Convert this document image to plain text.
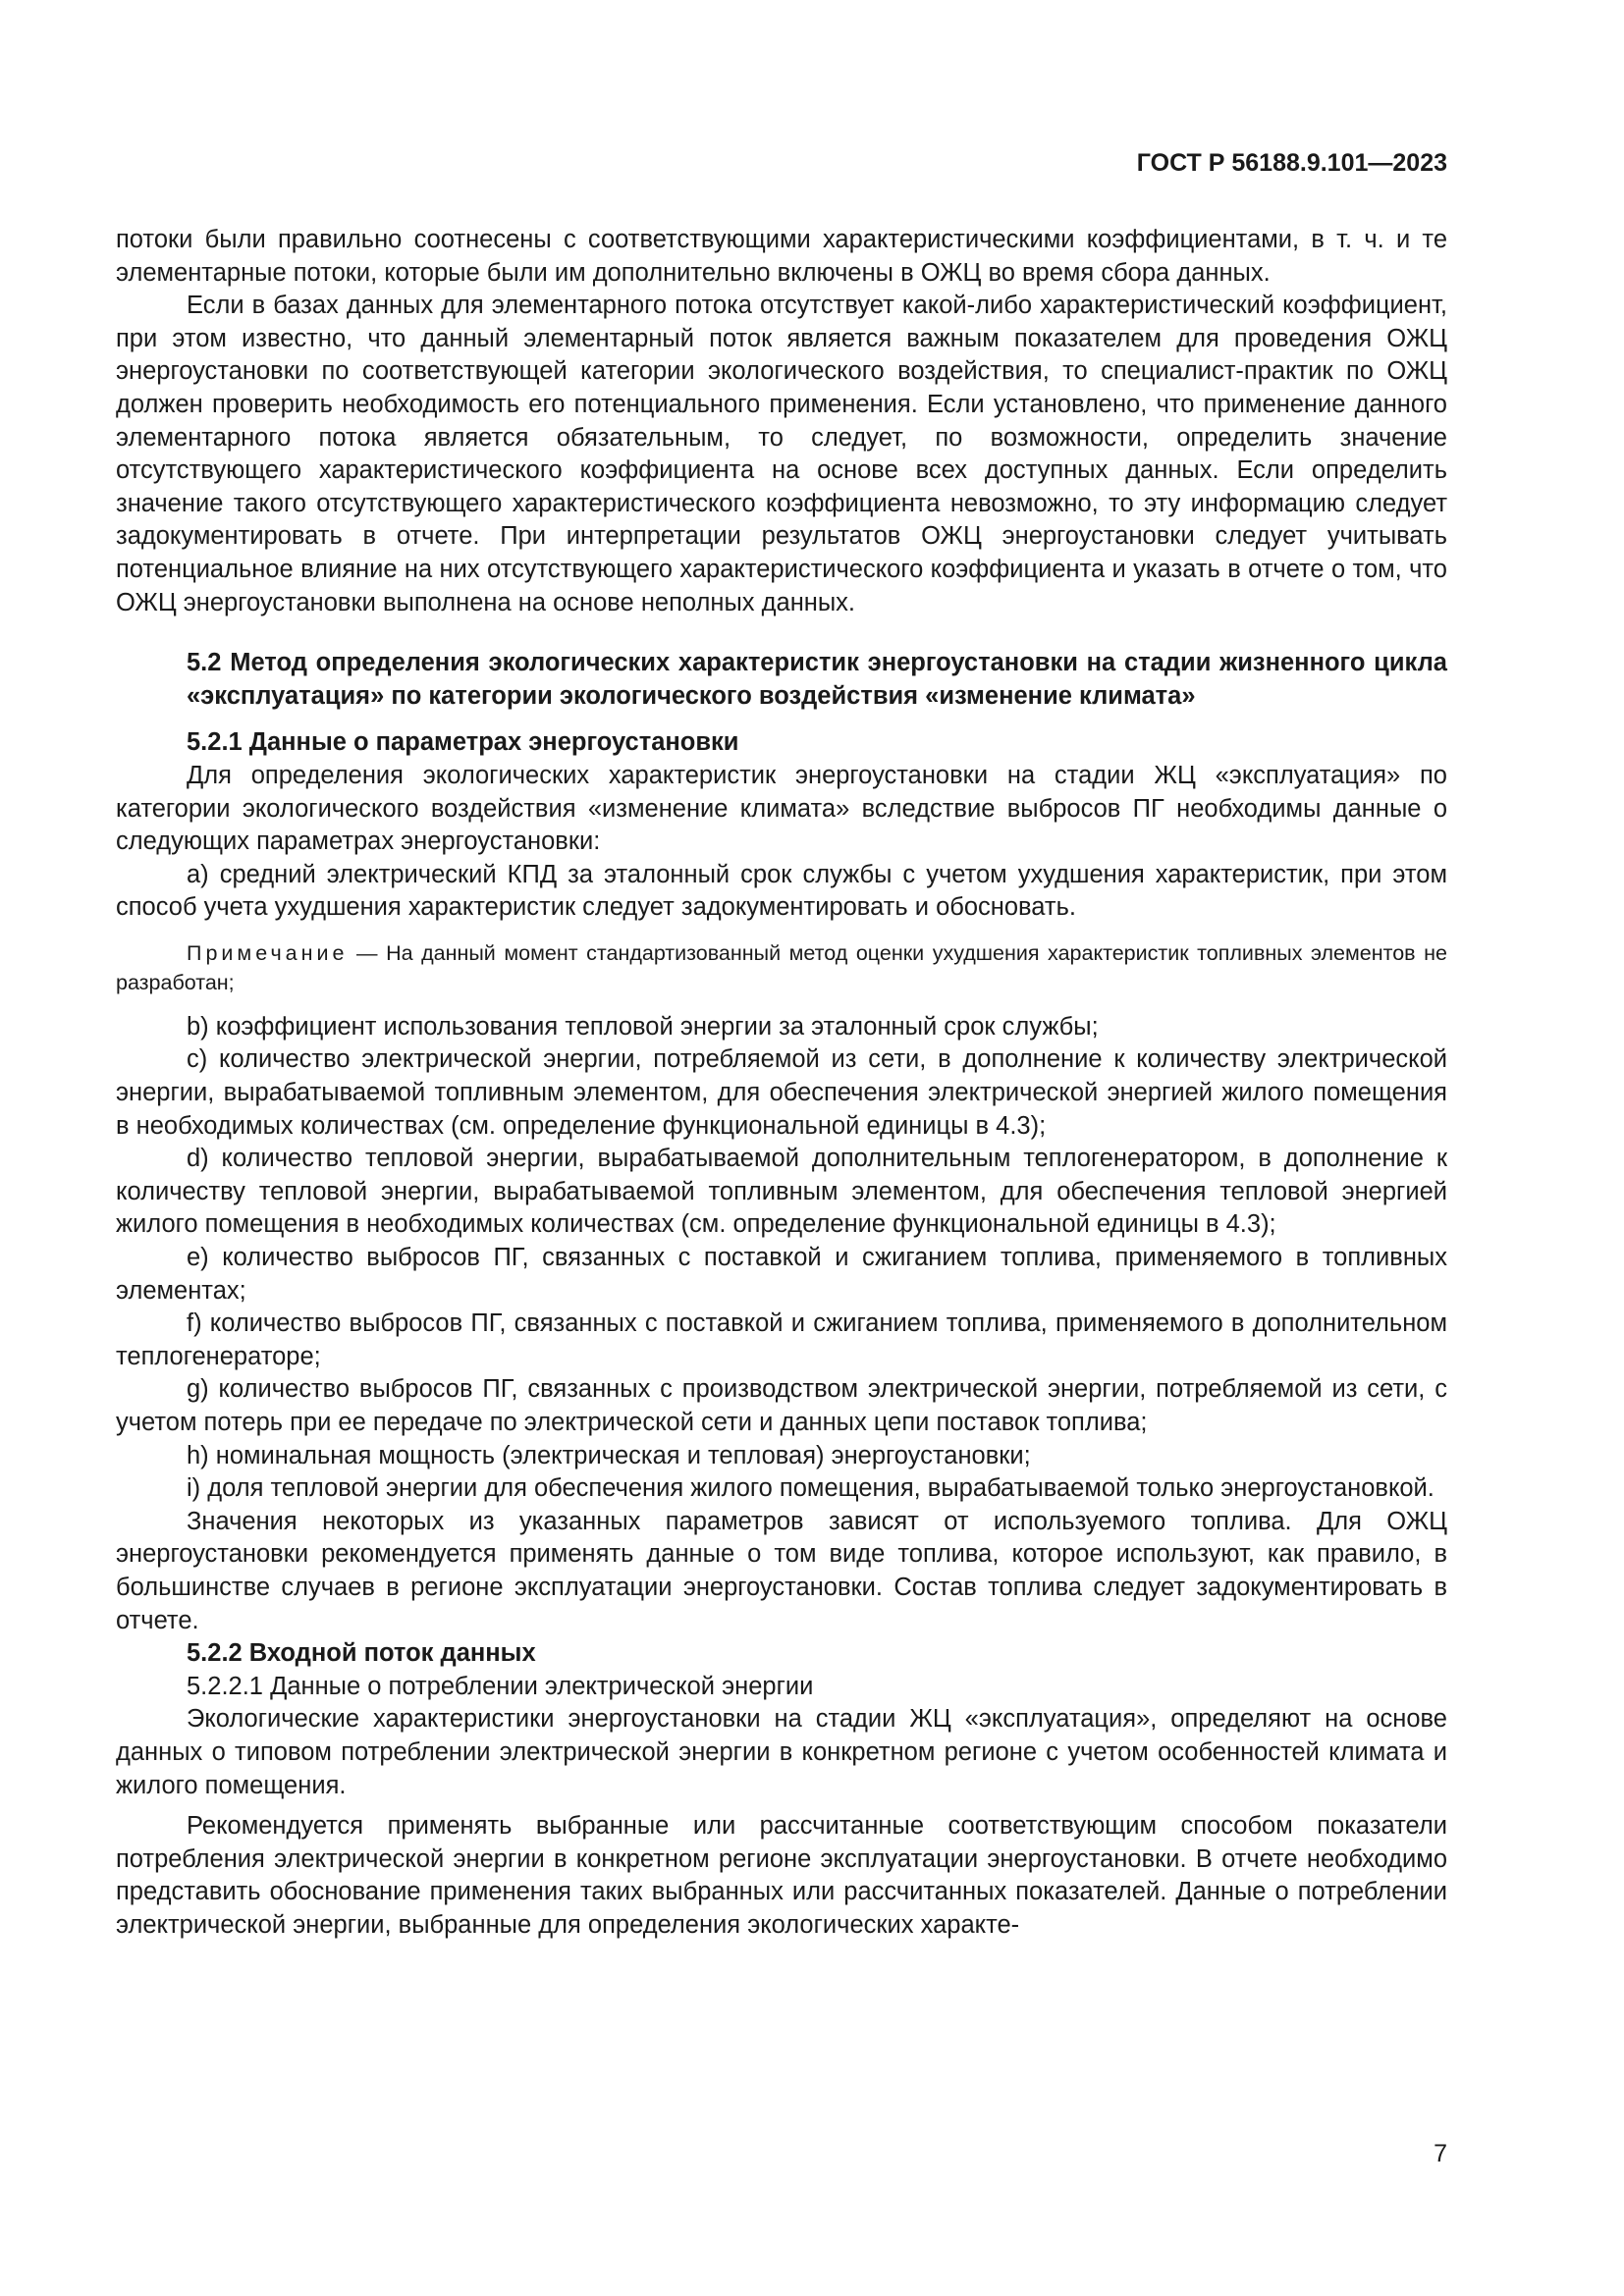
ГОСТ Р 56188.9.101—2023

потоки были правильно соотнесены с соответствующими характеристическими коэффициентами, в т. ч. и те элементарные потоки, которые были им дополнительно включены в ОЖЦ во время сбора данных.

Если в базах данных для элементарного потока отсутствует какой-либо характеристический коэффициент, при этом известно, что данный элементарный поток является важным показателем для проведения ОЖЦ энергоустановки по соответствующей категории экологического воздействия, то специалист-практик по ОЖЦ должен проверить необходимость его потенциального применения. Если установлено, что применение данного элементарного потока является обязательным, то следует, по возможности, определить значение отсутствующего характеристического коэффициента на основе всех доступных данных. Если определить значение такого отсутствующего характеристического коэффициента невозможно, то эту информацию следует задокументировать в отчете. При интерпретации результатов ОЖЦ энергоустановки следует учитывать потенциальное влияние на них отсутствующего характеристического коэффициента и указать в отчете о том, что ОЖЦ энергоустановки выполнена на основе неполных данных.

5.2 Метод определения экологических характеристик энергоустановки на стадии жизненного цикла «эксплуатация» по категории экологического воздействия «изменение климата»

5.2.1 Данные о параметрах энергоустановки

Для определения экологических характеристик энергоустановки на стадии ЖЦ «эксплуатация» по категории экологического воздействия «изменение климата» вследствие выбросов ПГ необходимы данные о следующих параметрах энергоустановки:

a) средний электрический КПД за эталонный срок службы с учетом ухудшения характеристик, при этом способ учета ухудшения характеристик следует задокументировать и обосновать.

Примечание — На данный момент стандартизованный метод оценки ухудшения характеристик топливных элементов не разработан;

b) коэффициент использования тепловой энергии за эталонный срок службы;

c) количество электрической энергии, потребляемой из сети, в дополнение к количеству электрической энергии, вырабатываемой топливным элементом, для обеспечения электрической энергией жилого помещения в необходимых количествах (см. определение функциональной единицы в 4.3);

d) количество тепловой энергии, вырабатываемой дополнительным теплогенератором, в дополнение к количеству тепловой энергии, вырабатываемой топливным элементом, для обеспечения тепловой энергией жилого помещения в необходимых количествах (см. определение функциональной единицы в 4.3);

e) количество выбросов ПГ, связанных с поставкой и сжиганием топлива, применяемого в топливных элементах;

f) количество выбросов ПГ, связанных с поставкой и сжиганием топлива, применяемого в дополнительном теплогенераторе;

g) количество выбросов ПГ, связанных с производством электрической энергии, потребляемой из сети, с учетом потерь при ее передаче по электрической сети и данных цепи поставок топлива;

h) номинальная мощность (электрическая и тепловая) энергоустановки;

i) доля тепловой энергии для обеспечения жилого помещения, вырабатываемой только энергоустановкой.

Значения некоторых из указанных параметров зависят от используемого топлива. Для ОЖЦ энергоустановки рекомендуется применять данные о том виде топлива, которое используют, как правило, в большинстве случаев в регионе эксплуатации энергоустановки. Состав топлива следует задокументировать в отчете.

5.2.2 Входной поток данных

5.2.2.1 Данные о потреблении электрической энергии

Экологические характеристики энергоустановки на стадии ЖЦ «эксплуатация», определяют на основе данных о типовом потреблении электрической энергии в конкретном регионе с учетом особенностей климата и жилого помещения.

Рекомендуется применять выбранные или рассчитанные соответствующим способом показатели потребления электрической энергии в конкретном регионе эксплуатации энергоустановки. В отчете необходимо представить обоснование применения таких выбранных или рассчитанных показателей. Данные о потреблении электрической энергии, выбранные для определения экологических характе-

7
